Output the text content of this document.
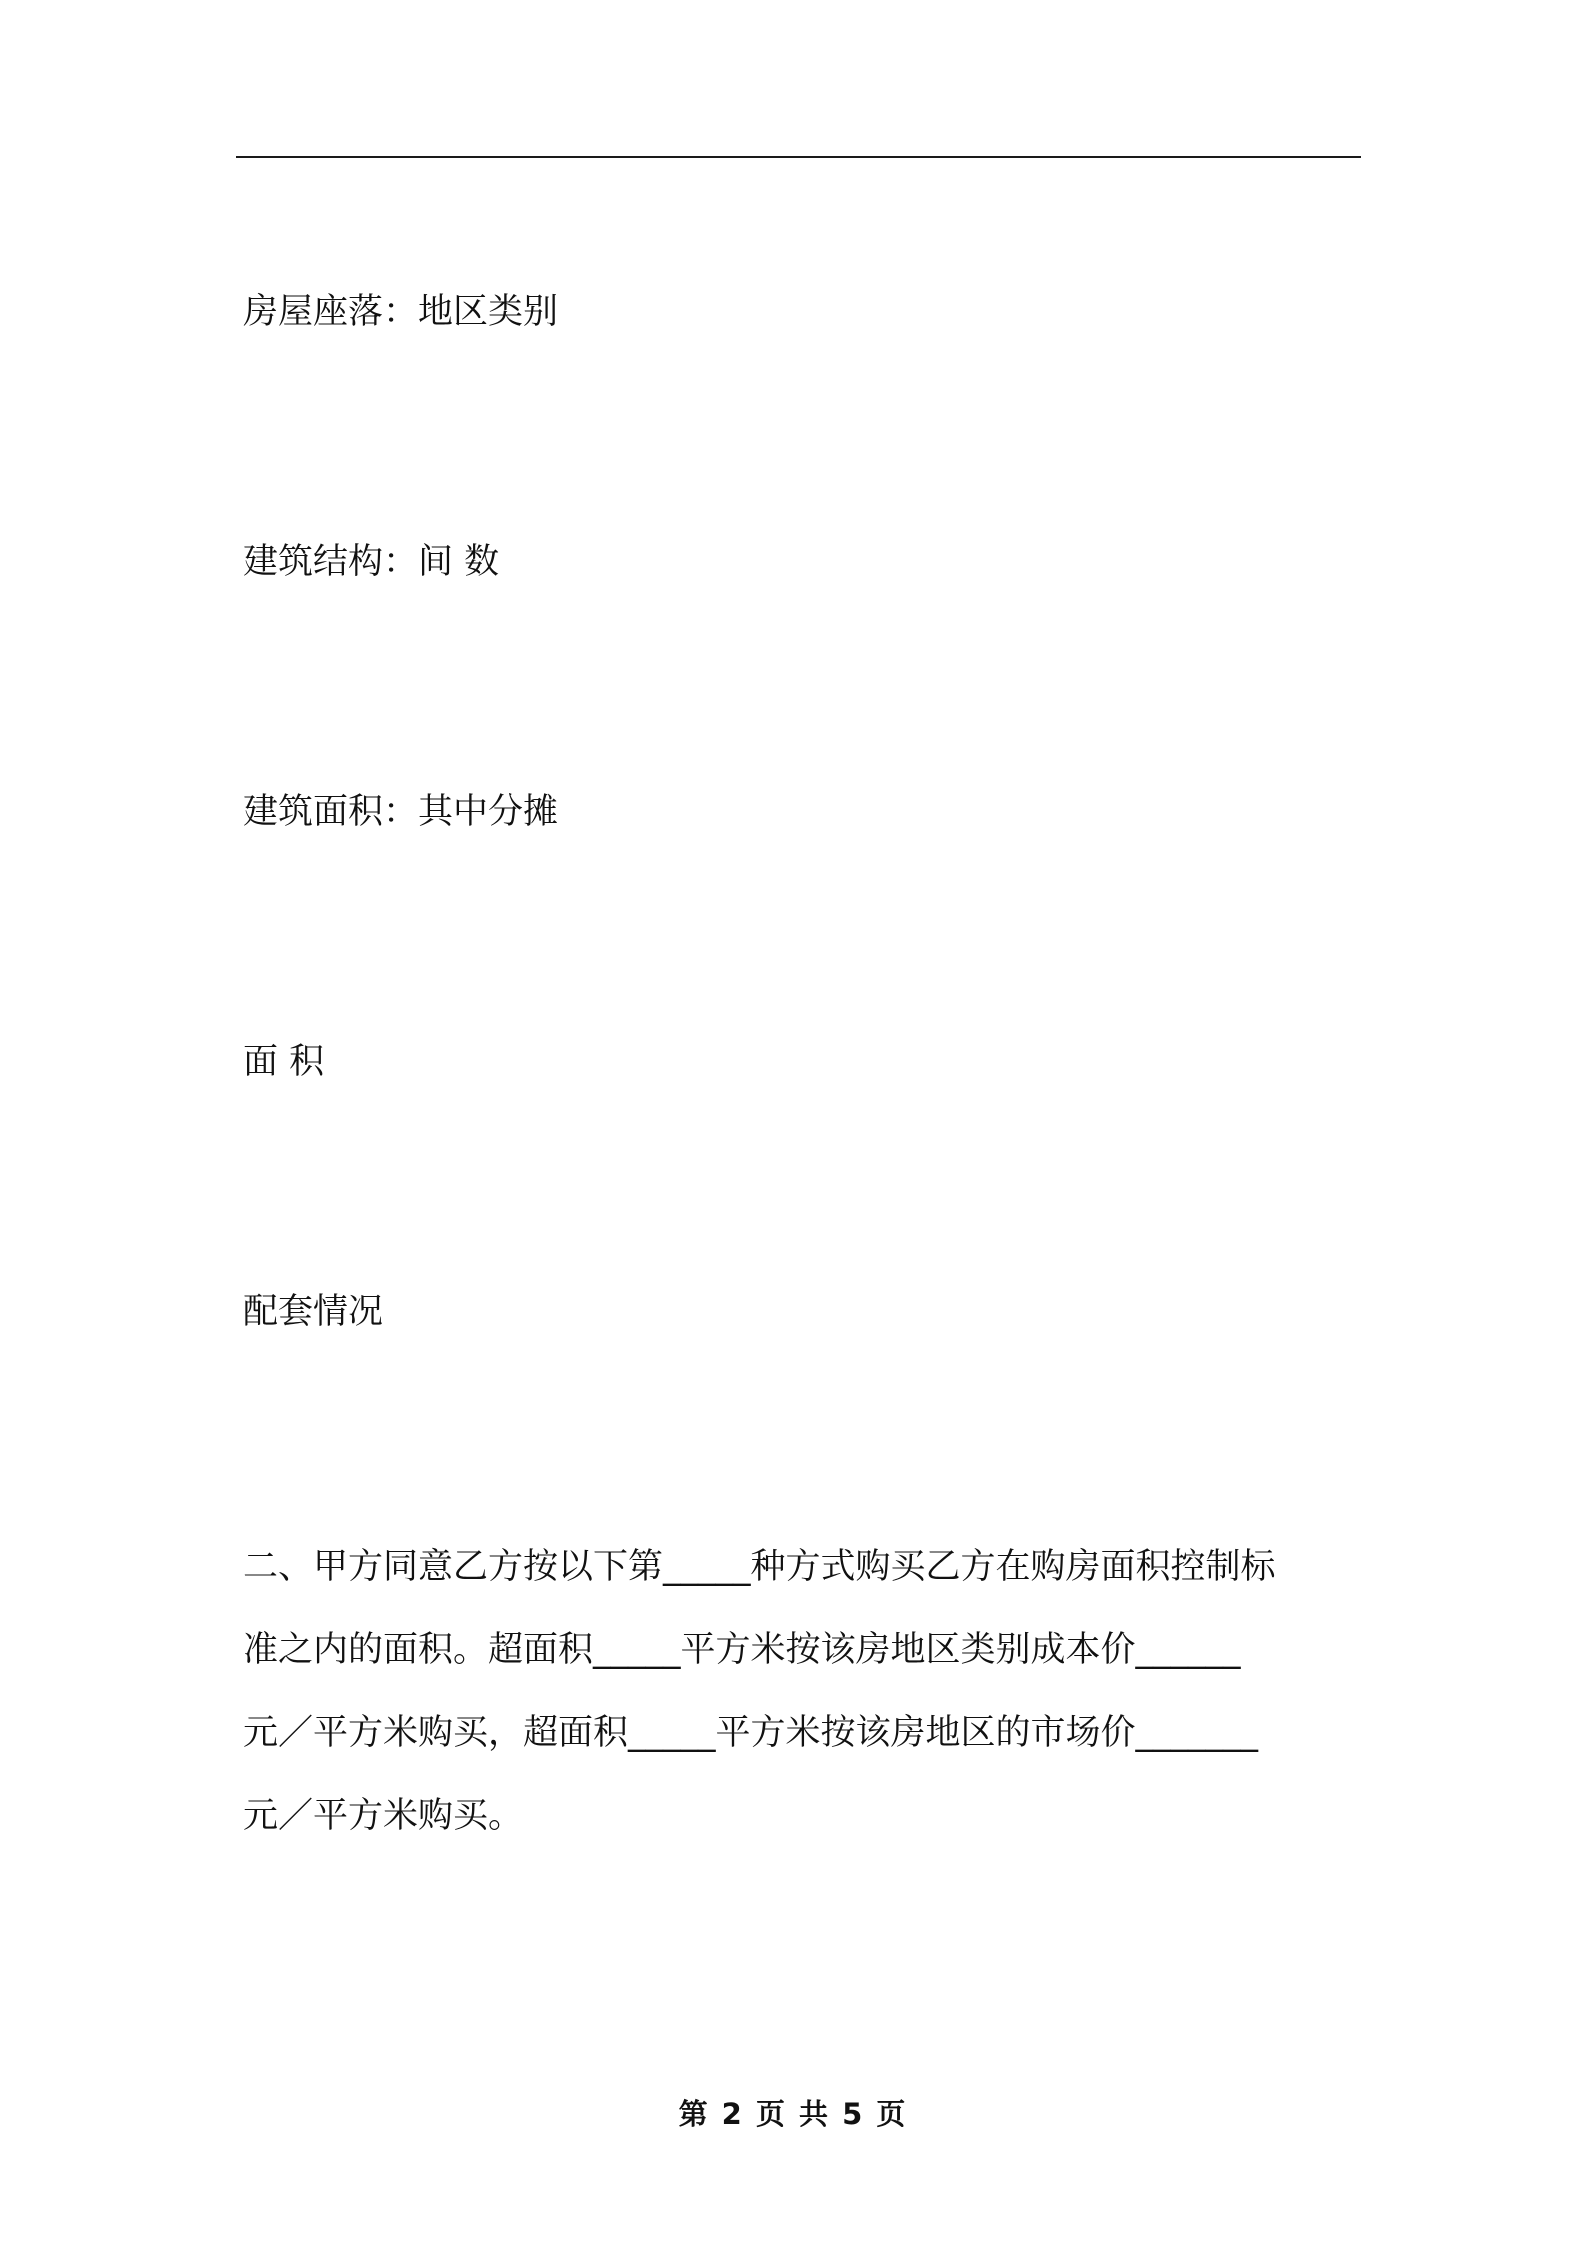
房屋座落：地区类别
建筑结构：间 数
建筑面积：其中分摊
面 积
配套情况
二、甲方同意乙方按以下第_____种方式购买乙方在购房面积控制标
准之内的面积。超面积_____平方米按该房地区类别成本价______
元／平方米购买，超面积_____平方米按该房地区的市场价_______
元／平方米购买。
第 2 页 共 5 页
